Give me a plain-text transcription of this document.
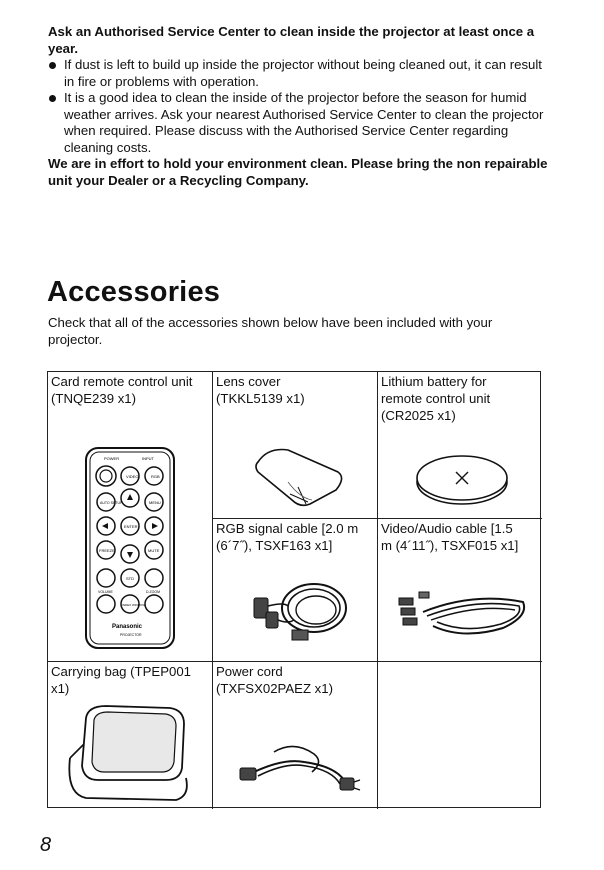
Ask an Authorised Service Center to clean inside the projector at least once a year.

If dust is left to build up inside the projector without being cleaned out, it can result in fire or problems with operation.
It is a good idea to clean the inside of the projector before the season for humid weather arrives. Ask your nearest Authorised Service Center to clean the projector when required. Please discuss with the Authorised Service Center regarding cleaning costs.

We are in effort to hold your environment clean. Please bring the non repairable unit your Dealer or a Recycling Company.

Accessories

Check that all of the accessories shown below have been included with your projector.

Card remote control unit
(TNQE239 x1)
POWER	INPUT
VIDEO	RGB
AUTO SETUP	MENU
ENTER
FREEZE	MUTE
STD
VOLUME	D.ZOOM
INDEX WINDOW
Panasonic
PROJECTOR
Lens cover
(TKKL5139 x1)
Lithium battery for
remote control unit
(CR2025 x1)
RGB signal cable [2.0 m
(6´7˝), TSXF163 x1]
Video/Audio cable [1.5
m (4´11˝), TSXF015 x1]
Carrying bag (TPEP001
x1)
Power cord
(TXFSX02PAEZ x1)
8
